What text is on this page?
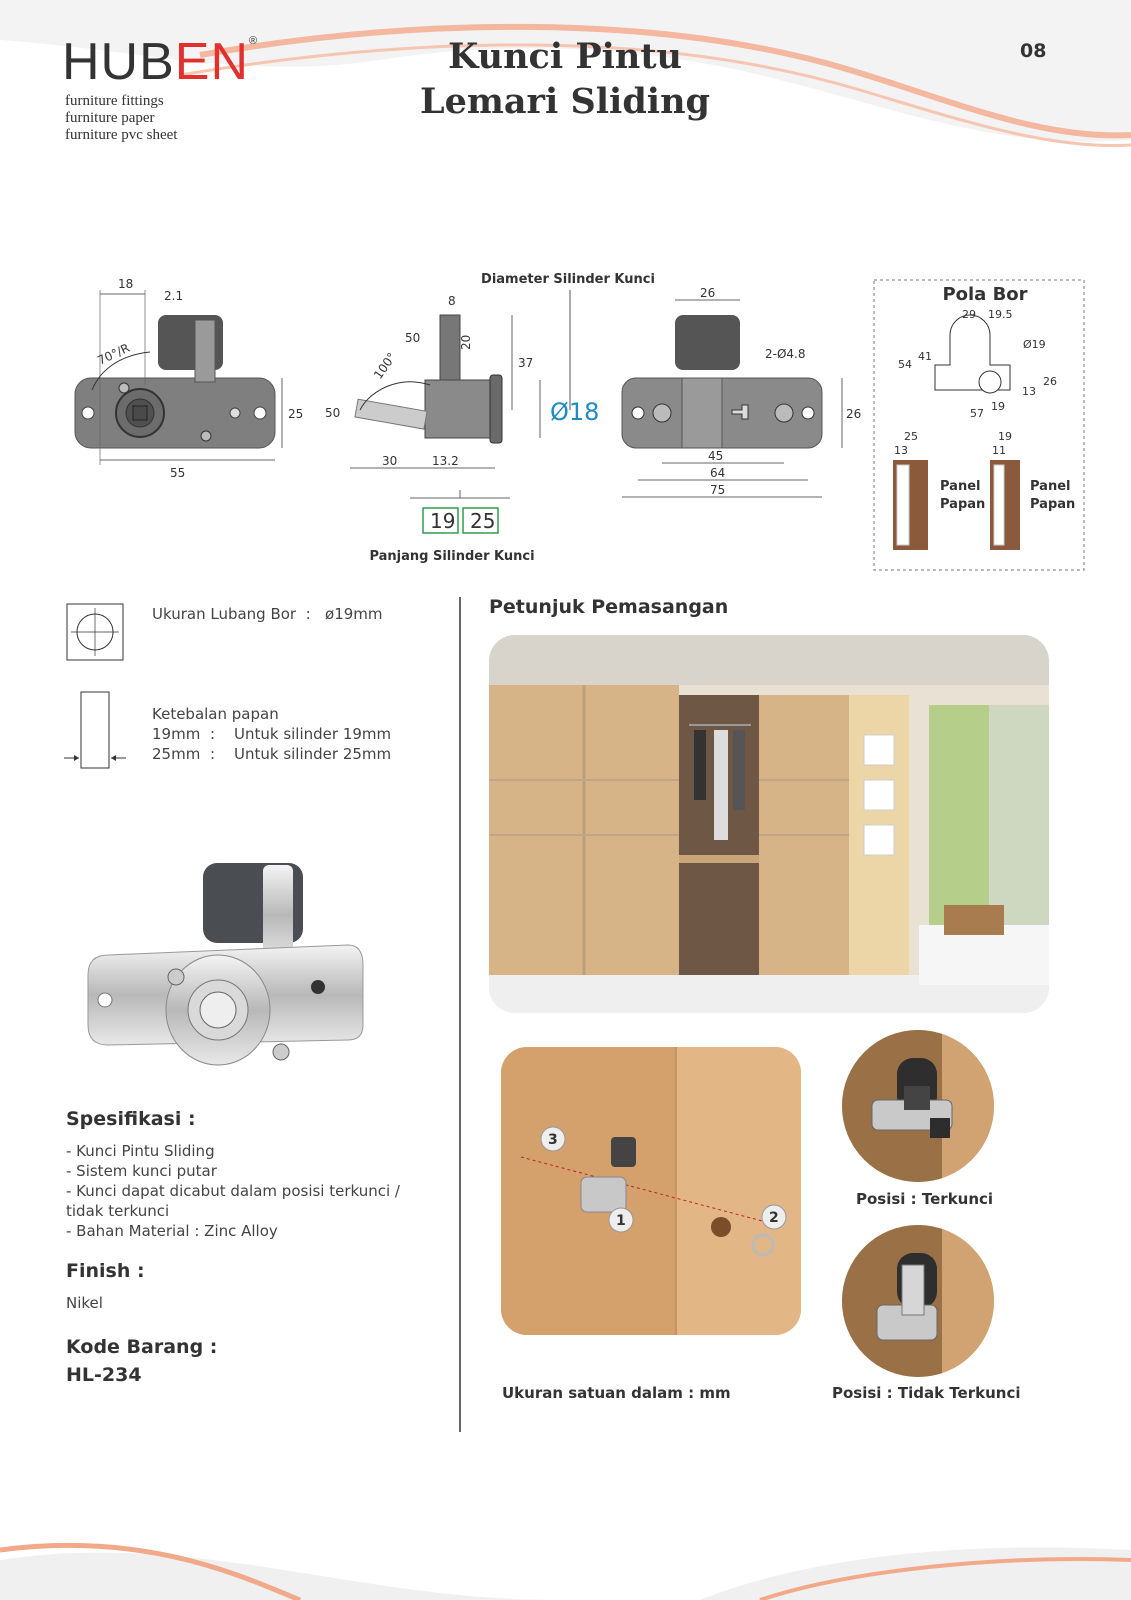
HUBEN®
furniture fittings
furniture paper
furniture pvc sheet
Kunci Pintu
Lemari Sliding
08
Diameter Silinder Kunci
18
2.1
70°/R
25
55
8
50	20
100°	37
50
30	13.2
Ø18
19 25
Panjang Silinder Kunci
26
2-Ø4.8
26
45
64
75
Pola Bor
29 19.5
54
41
Ø19
13
26
19
57
25
13
Panel
Papan
19
11
Panel
Papan
Ukuran Lubang Bor : ø19mm
Ketebalan papan
19mm : Untuk silinder 19mm
25mm : Untuk silinder 25mm
Spesifikasi :
- Kunci Pintu Sliding
- Sistem kunci putar
- Kunci dapat dicabut dalam posisi terkunci /
tidak terkunci
- Bahan Material : Zinc Alloy
Finish :
Nikel
Kode Barang :
HL-234
Petunjuk Pemasangan
3
1	2
Posisi : Terkunci
Ukuran satuan dalam : mm	Posisi : Tidak Terkunci
